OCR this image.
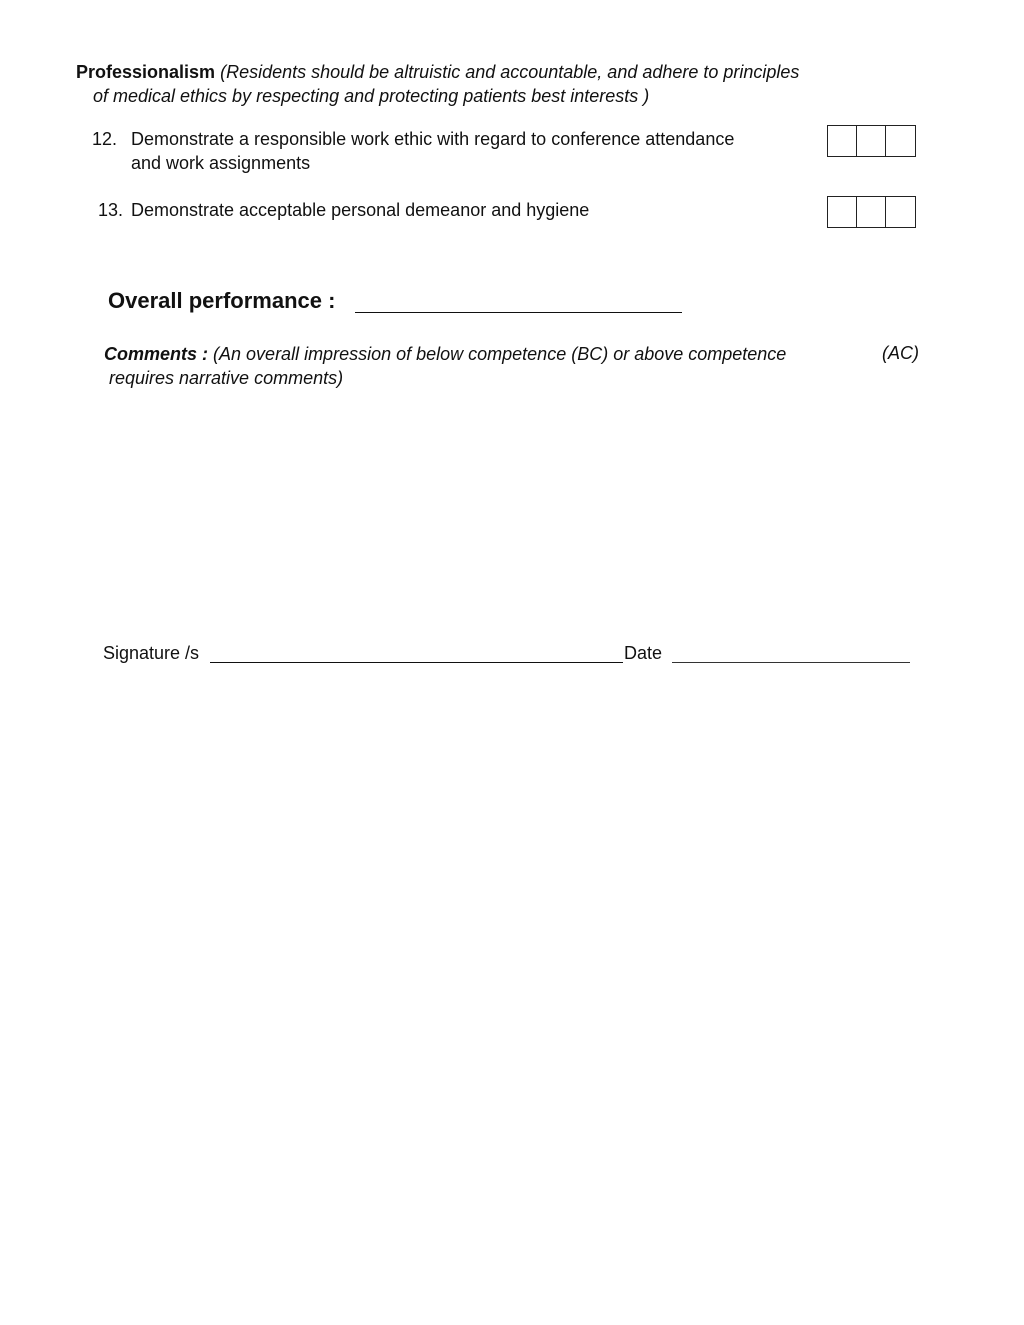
Professionalism (Residents should be altruistic and accountable, and adhere to principles
of medical ethics by respecting and protecting patients best interests )
12. Demonstrate a responsible work ethic with regard to conference attendance
and work assignments
13. Demonstrate acceptable personal demeanor and hygiene
Overall performance :
Comments : (An overall impression of below competence (BC) or above competence	(AC)
requires narrative comments)
Signature /s	Date
